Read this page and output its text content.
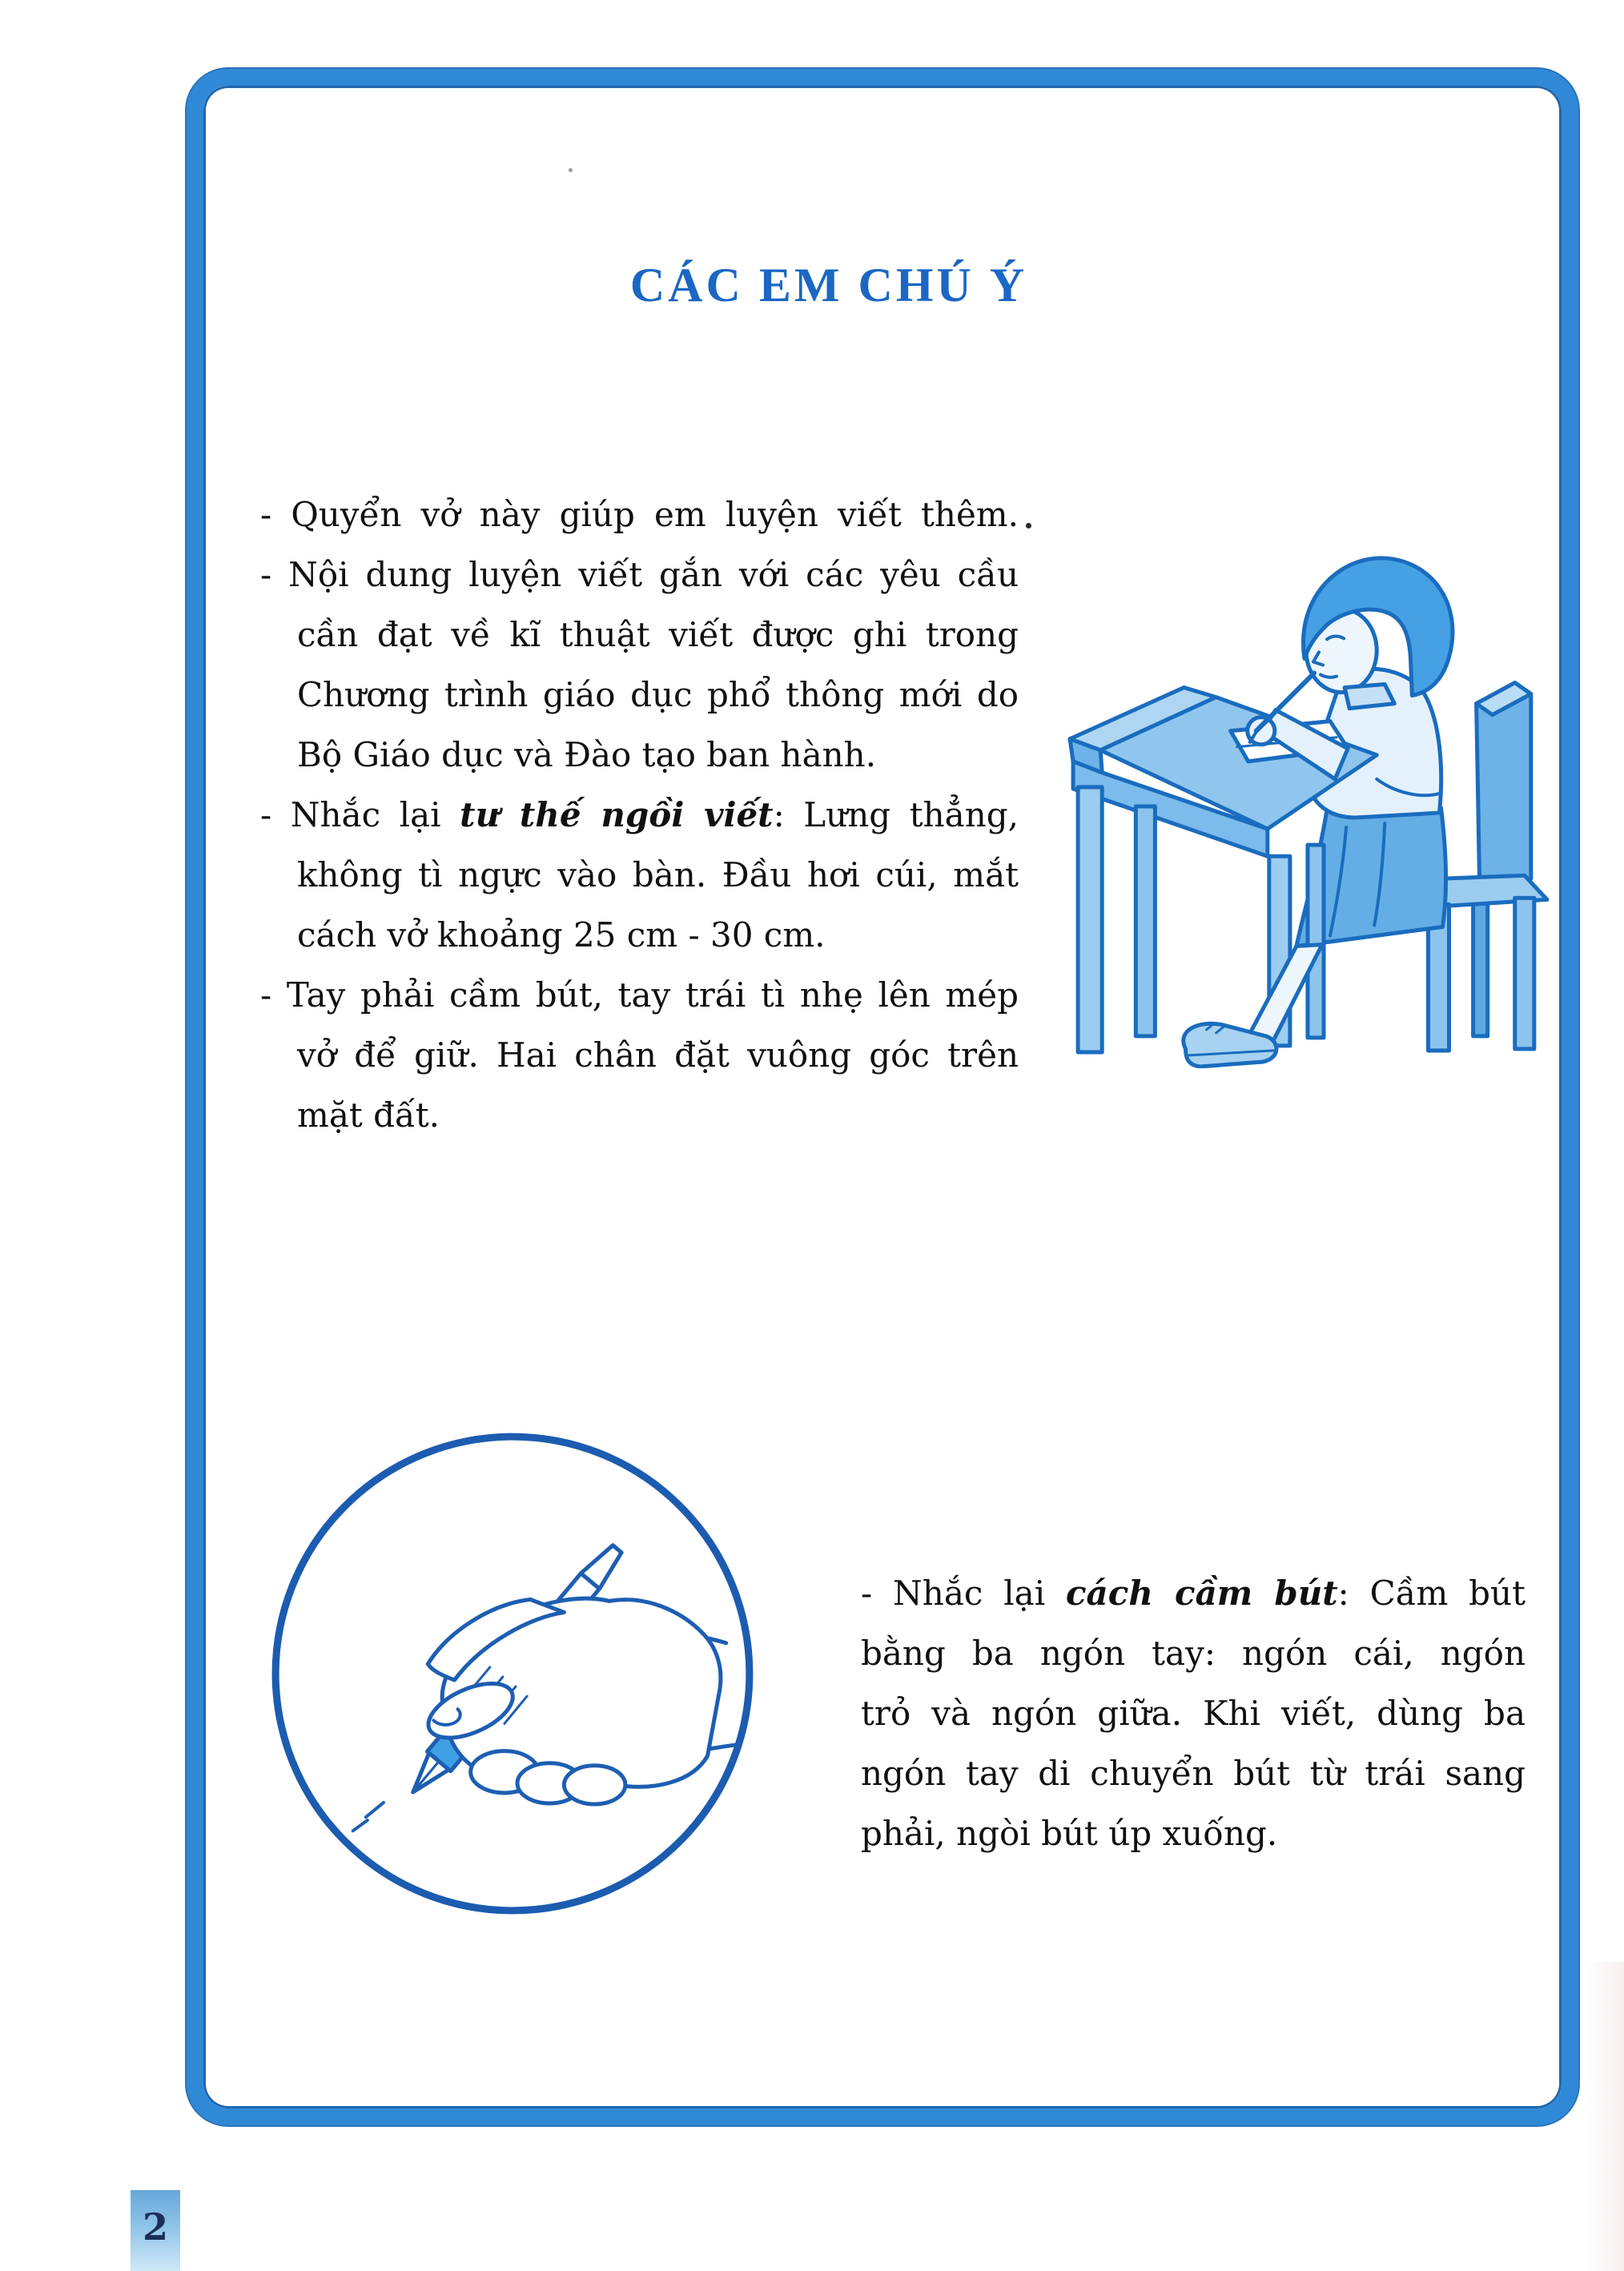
CÁC EM CHÚ Ý
- Quyển vở này giúp em luyện viết thêm.
- Nội dung luyện viết gắn với các yêu cầu
cần đạt về kĩ thuật viết được ghi trong
Chương trình giáo dục phổ thông mới do
Bộ Giáo dục và Đào tạo ban hành.
- Nhắc lại tư thế ngồi viết: Lưng thẳng,
không tì ngực vào bàn. Đầu hơi cúi, mắt
cách vở khoảng 25 cm - 30 cm.
- Tay phải cầm bút, tay trái tì nhẹ lên mép
vở để giữ. Hai chân đặt vuông góc trên
mặt đất.
- Nhắc lại cách cầm bút: Cầm bút
bằng ba ngón tay: ngón cái, ngón
trỏ và ngón giữa. Khi viết, dùng ba
ngón tay di chuyển bút từ trái sang
phải, ngòi bút úp xuống.
2
